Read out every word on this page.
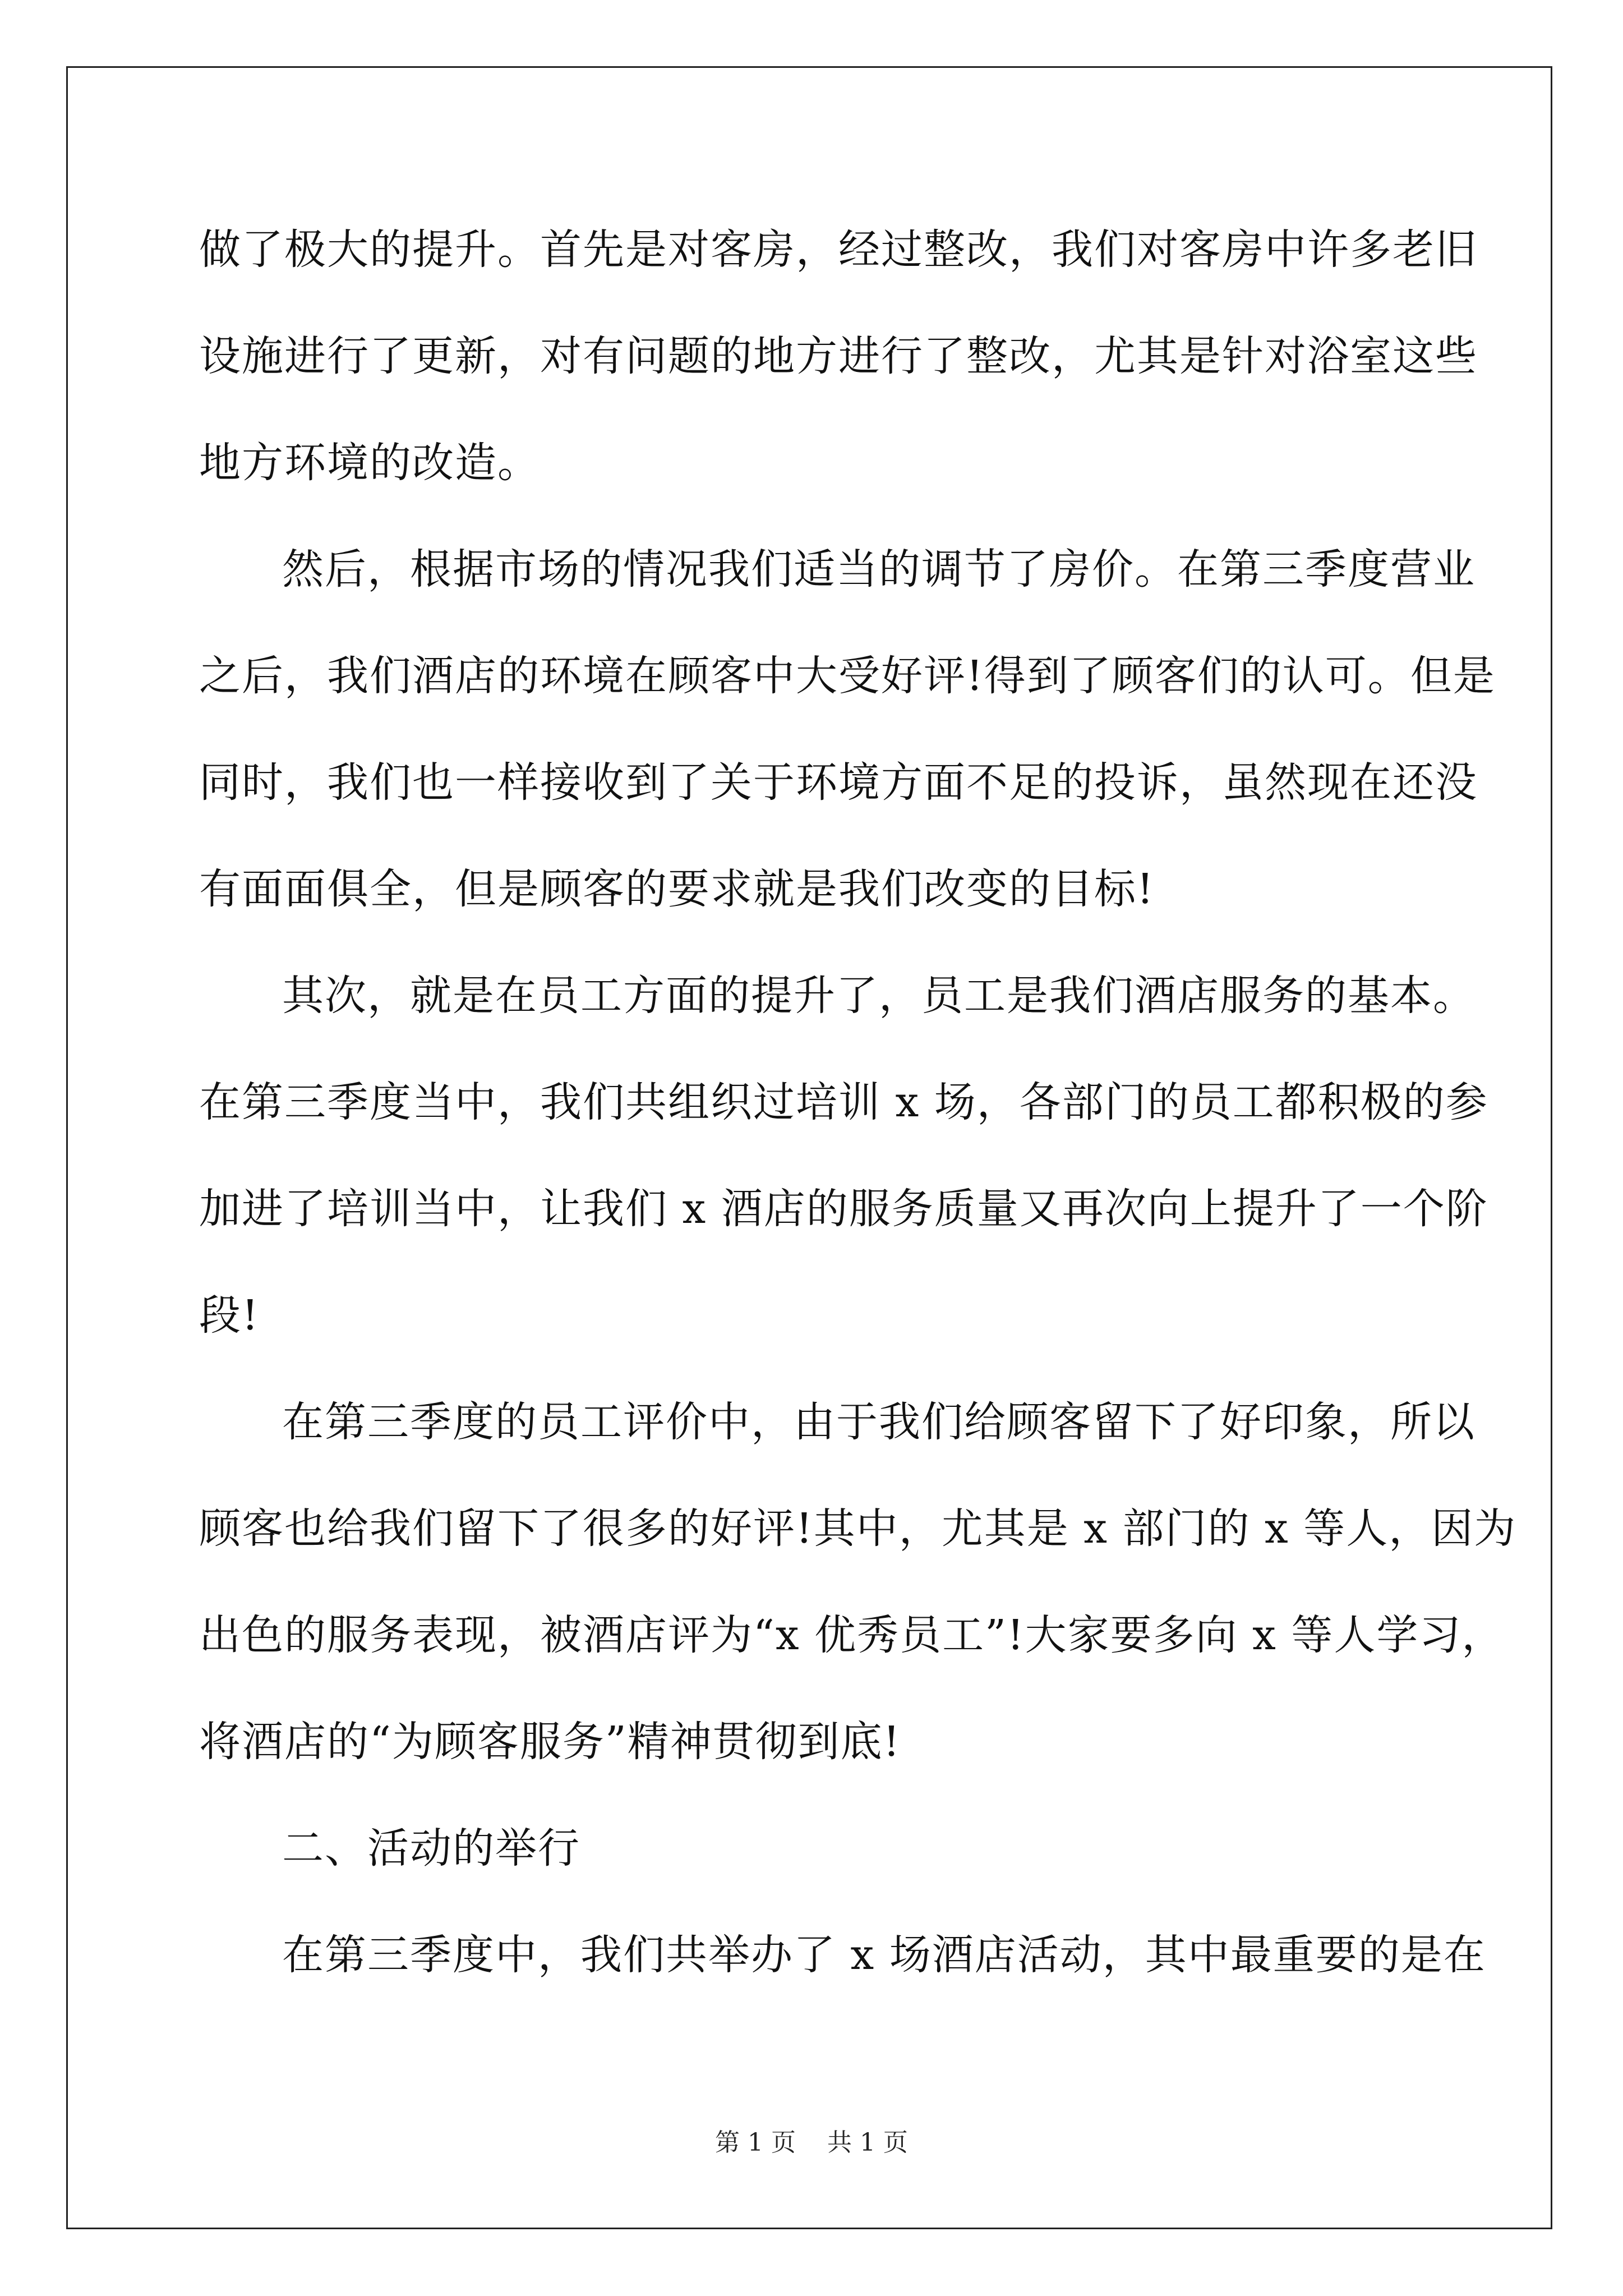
做了极大的提升。首先是对客房，经过整改，我们对客房中许多老旧
设施进行了更新，对有问题的地方进行了整改，尤其是针对浴室这些
地方环境的改造。
然后，根据市场的情况我们适当的调节了房价。在第三季度营业
之后，我们酒店的环境在顾客中大受好评!得到了顾客们的认可。但是
同时，我们也一样接收到了关于环境方面不足的投诉，虽然现在还没
有面面俱全，但是顾客的要求就是我们改变的目标!
其次，就是在员工方面的提升了，员工是我们酒店服务的基本。
在第三季度当中，我们共组织过培训 x 场，各部门的员工都积极的参
加进了培训当中，让我们 x 酒店的服务质量又再次向上提升了一个阶
段!
在第三季度的员工评价中，由于我们给顾客留下了好印象，所以
顾客也给我们留下了很多的好评!其中，尤其是 x 部门的 x 等人，因为
出色的服务表现，被酒店评为“x 优秀员工”!大家要多向 x 等人学习，
将酒店的“为顾客服务”精神贯彻到底!
二、活动的举行
在第三季度中，我们共举办了 x 场酒店活动，其中最重要的是在
第 1 页    共 1 页
